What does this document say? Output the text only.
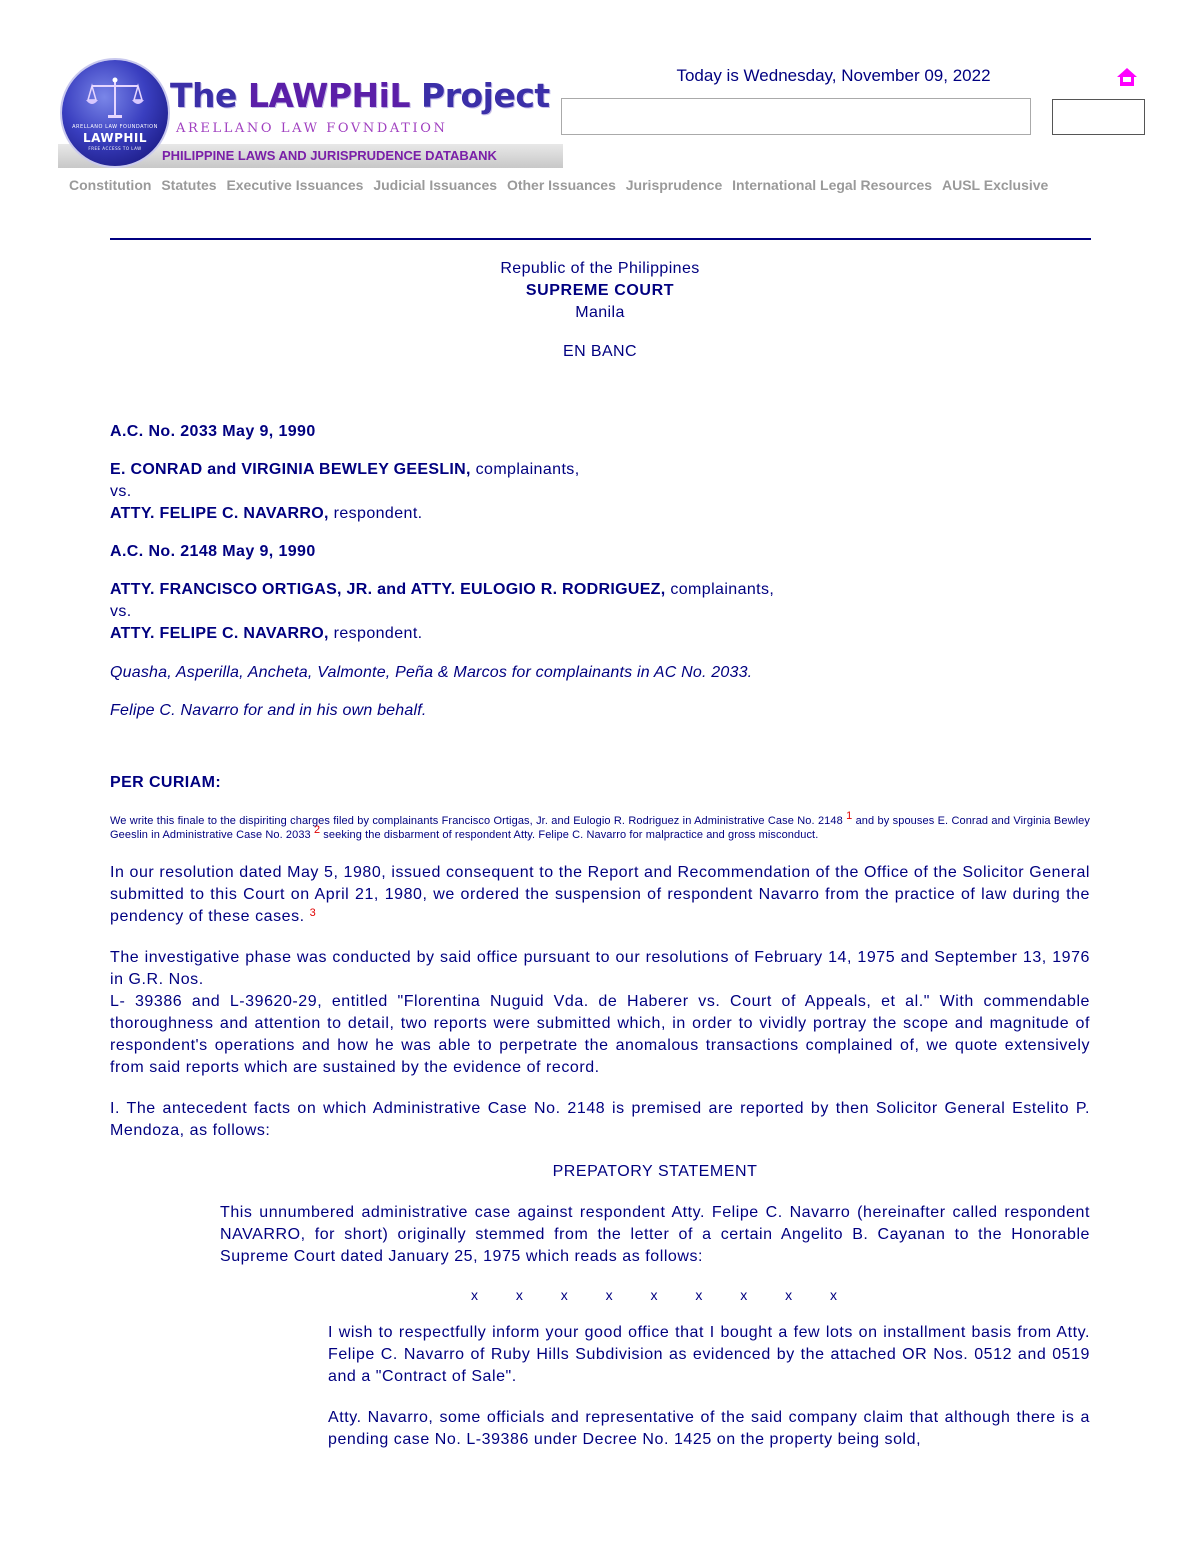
PHILIPPINE LAWS AND JURISPRUDENCE DATABANK
ARELLANO LAW FOUNDATION
LAWPHIL
FREE ACCESS TO LAW
The LAWPHiL Project
ARELLANO LAW FOVNDATION
Today is Wednesday, November 09, 2022
Constitution Statutes Executive Issuances Judicial Issuances Other Issuances Jurisprudence International Legal Resources AUSL Exclusive
Republic of the Philippines
SUPREME COURT
Manila
EN BANC

A.C. No. 2033 May 9, 1990

E. CONRAD and VIRGINIA BEWLEY GEESLIN, complainants,
vs.
ATTY. FELIPE C. NAVARRO, respondent.

A.C. No. 2148 May 9, 1990

ATTY. FRANCISCO ORTIGAS, JR. and ATTY. EULOGIO R. RODRIGUEZ, complainants,
vs.
ATTY. FELIPE C. NAVARRO, respondent.

Quasha, Asperilla, Ancheta, Valmonte, Peña & Marcos for complainants in AC No. 2033.

Felipe C. Navarro for and in his own behalf.

PER CURIAM:

We write this finale to the dispiriting charges filed by complainants Francisco Ortigas, Jr. and Eulogio R. Rodriguez in Administrative Case No. 2148 $^1$ and by spouses E. Conrad and Virginia Bewley Geeslin in Administrative Case No. 2033 $^2$ seeking the disbarment of respondent Atty. Felipe C. Navarro for malpractice and gross misconduct.

In our resolution dated May 5, 1980, issued consequent to the Report and Recommendation of the Office of the Solicitor General submitted to this Court on April 21, 1980, we ordered the suspension of respondent Navarro from the practice of law during the pendency of these cases. $^3$

The investigative phase was conducted by said office pursuant to our resolutions of February 14, 1975 and September 13, 1976 in G.R. Nos.
L- 39386 and L-39620-29, entitled "Florentina Nuguid Vda. de Haberer vs. Court of Appeals, et al." With commendable thoroughness and attention to detail, two reports were submitted which, in order to vividly portray the scope and magnitude of respondent's operations and how he was able to perpetrate the anomalous transactions complained of, we quote extensively from said reports which are sustained by the evidence of record.

I. The antecedent facts on which Administrative Case No. 2148 is premised are reported by then Solicitor General Estelito P. Mendoza, as follows:

PREPATORY STATEMENT

This unnumbered administrative case against respondent Atty. Felipe C. Navarro (hereinafter called respondent NAVARRO, for short) originally stemmed from the letter of a certain Angelito B. Cayanan to the Honorable Supreme Court dated January 25, 1975 which reads as follows:

x x x x x x x x x

I wish to respectfully inform your good office that I bought a few lots on installment basis from Atty. Felipe C. Navarro of Ruby Hills Subdivision as evidenced by the attached OR Nos. 0512 and 0519 and a "Contract of Sale".

Atty. Navarro, some officials and representative of the said company claim that although there is a pending case No. L-39386 under Decree No. 1425 on the property being sold,
